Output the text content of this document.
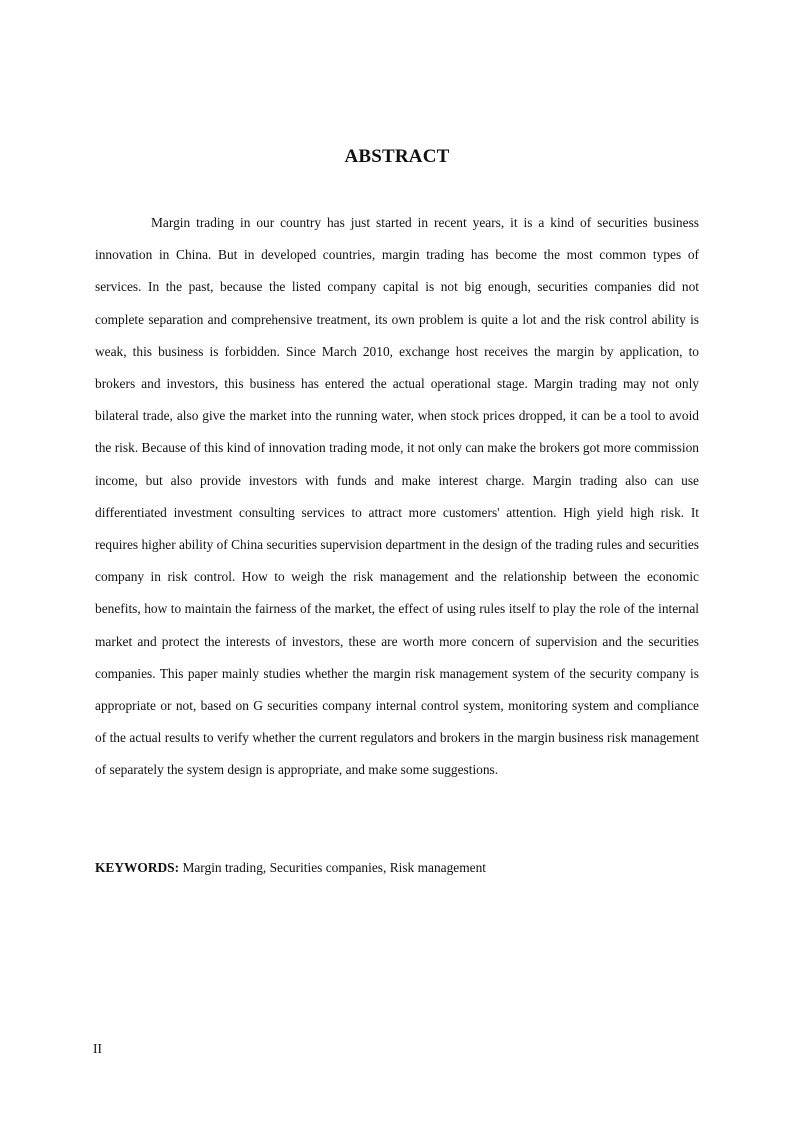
ABSTRACT

Margin trading in our country has just started in recent years, it is a kind of securities business innovation in China. But in developed countries, margin trading has become the most common types of services. In the past, because the listed company capital is not big enough, securities companies did not complete separation and comprehensive treatment, its own problem is quite a lot and the risk control ability is weak, this business is forbidden. Since March 2010, exchange host receives the margin by application, to brokers and investors, this business has entered the actual operational stage. Margin trading may not only bilateral trade, also give the market into the running water, when stock prices dropped, it can be a tool to avoid the risk. Because of this kind of innovation trading mode, it not only can make the brokers got more commission income, but also provide investors with funds and make interest charge. Margin trading also can use differentiated investment consulting services to attract more customers' attention. High yield high risk. It requires higher ability of China securities supervision department in the design of the trading rules and securities company in risk control. How to weigh the risk management and the relationship between the economic benefits, how to maintain the fairness of the market, the effect of using rules itself to play the role of the internal market and protect the interests of investors, these are worth more concern of supervision and the securities companies. This paper mainly studies whether the margin risk management system of the security company is appropriate or not, based on G securities company internal control system, monitoring system and compliance of the actual results to verify whether the current regulators and brokers in the margin business risk management of separately the system design is appropriate, and make some suggestions.

KEYWORDS: Margin trading, Securities companies, Risk management
II
